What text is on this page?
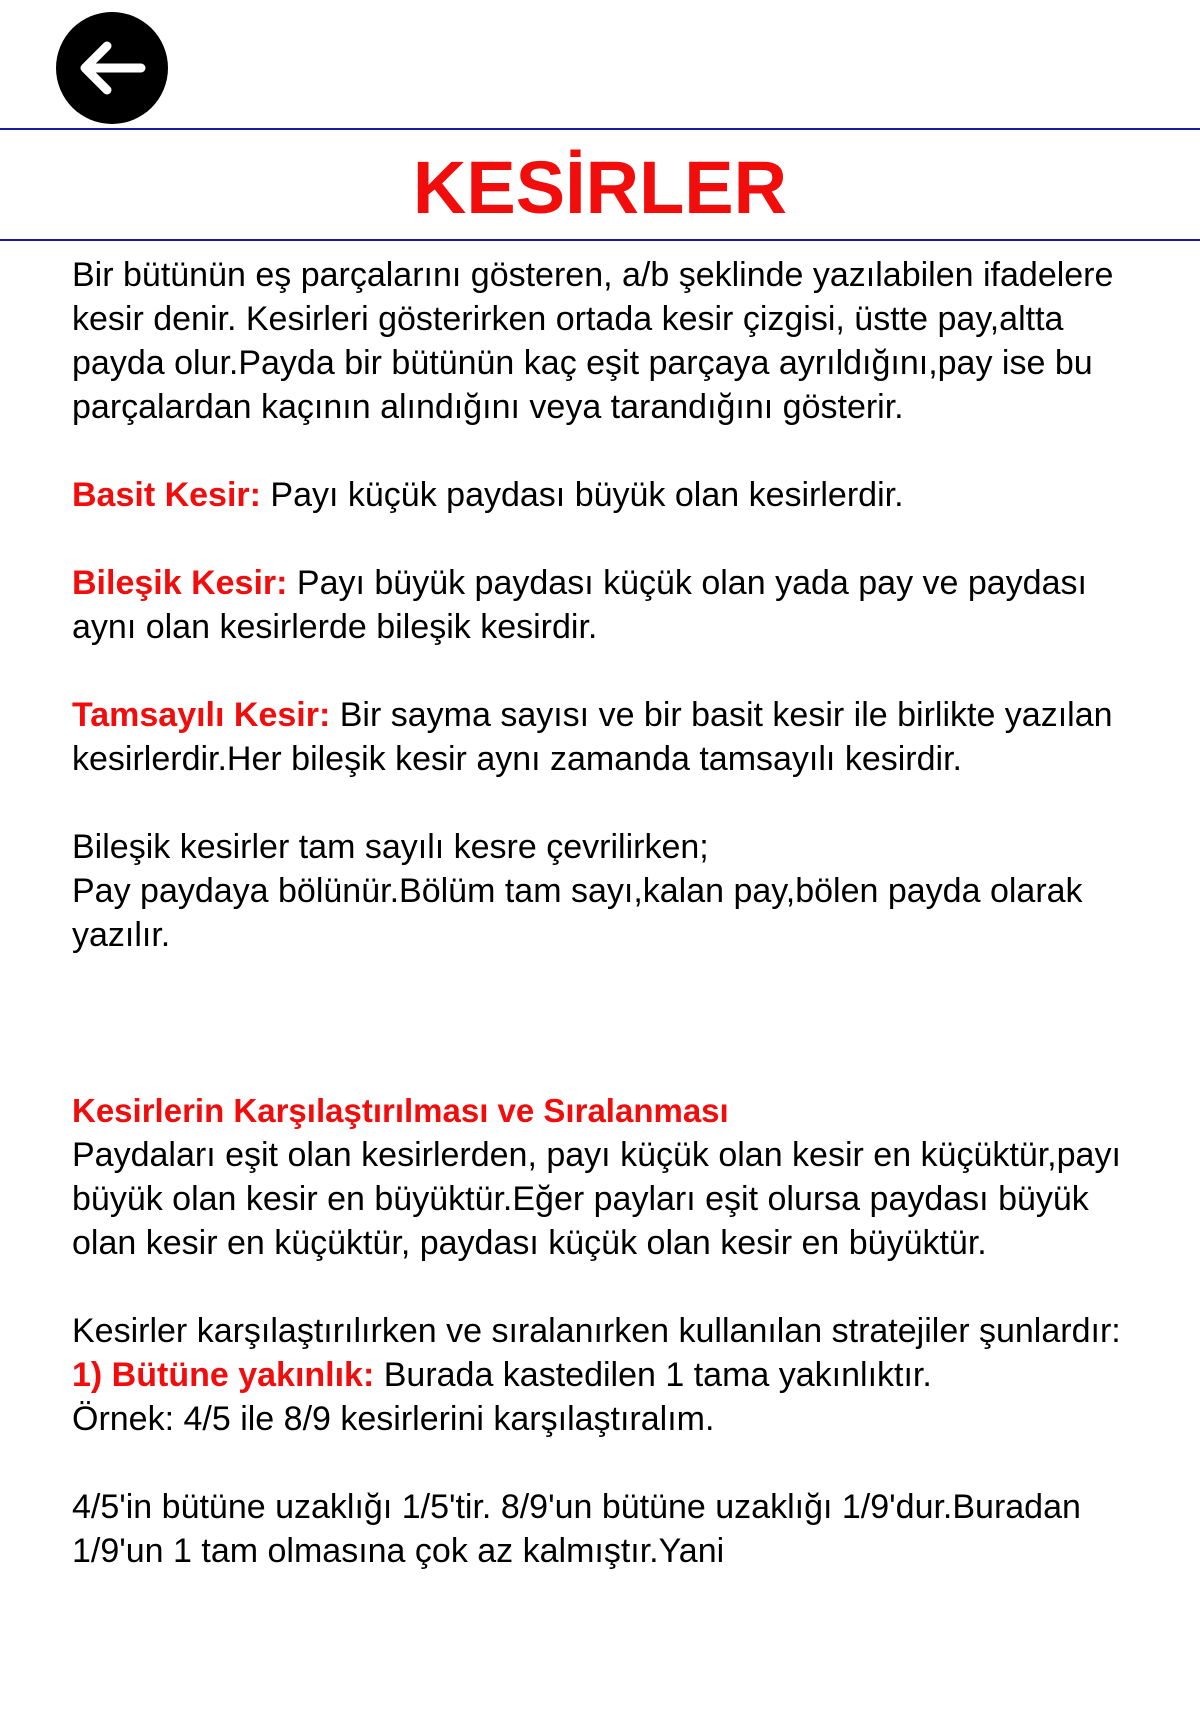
KESİRLER

Bir bütünün eş parçalarını gösteren, a/b şeklinde yazılabilen ifadelere kesir denir. Kesirleri gösterirken ortada kesir çizgisi, üstte pay,altta payda olur.Payda bir bütünün kaç eşit parçaya ayrıldığını,pay ise bu parçalardan kaçının alındığını veya tarandığını gösterir.

Basit Kesir: Payı küçük paydası büyük olan kesirlerdir.

Bileşik Kesir: Payı büyük paydası küçük olan yada pay ve paydası aynı olan kesirlerde bileşik kesirdir.

Tamsayılı Kesir: Bir sayma sayısı ve bir basit kesir ile birlikte yazılan kesirlerdir.Her bileşik kesir aynı zamanda tamsayılı kesirdir.

Bileşik kesirler tam sayılı kesre çevrilirken;

Pay paydaya bölünür.Bölüm tam sayı,kalan pay,bölen payda olarak yazılır.

Kesirlerin Karşılaştırılması ve Sıralanması

Paydaları eşit olan kesirlerden, payı küçük olan kesir en küçüktür,payı büyük olan kesir en büyüktür.Eğer payları eşit olursa paydası büyük olan kesir en küçüktür, paydası küçük olan kesir en büyüktür.

Kesirler karşılaştırılırken ve sıralanırken kullanılan stratejiler şunlardır:

1) Bütüne yakınlık: Burada kastedilen 1 tama yakınlıktır.

Örnek: 4/5 ile 8/9 kesirlerini karşılaştıralım.

4/5'in bütüne uzaklığı 1/5'tir. 8/9'un bütüne uzaklığı 1/9'dur.Buradan 1/9'un 1 tam olmasına çok az kalmıştır.Yani
